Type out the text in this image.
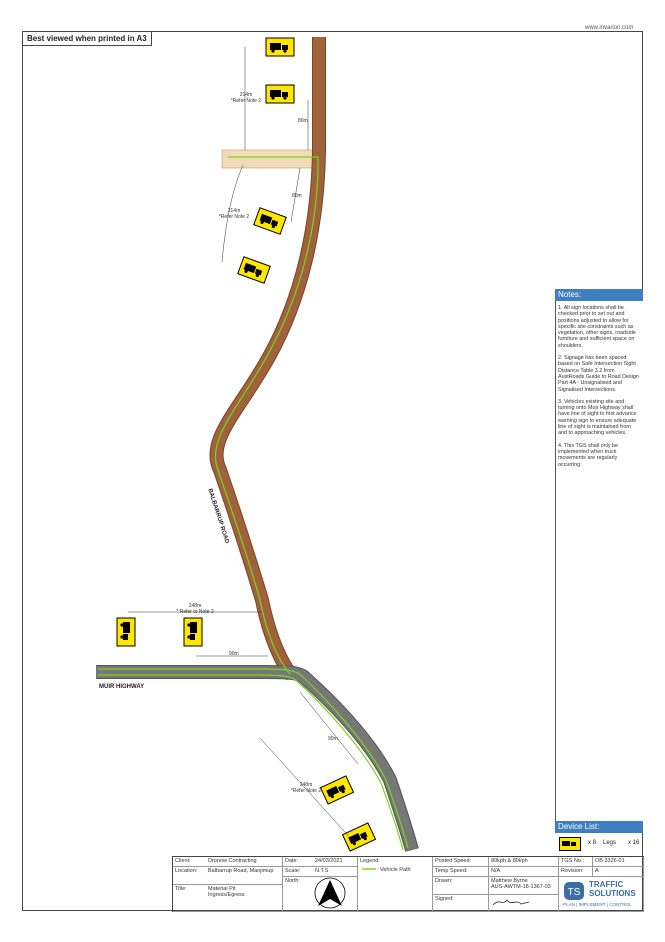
www.invarion.com
Best viewed when printed in A3
214m
*Refer Note 2
80m
80m
214m
*Refer Note 2
248m
* Refer to Note 2
90m
90m
248m
*Refer Note 2
BALBARRUP ROAD
MUIR HIGHWAY
Notes:

1. All sign locations shall be checked prior to set out and positions adjusted to allow for specific site constraints such as vegetation, other signs, roadside furniture and sufficient space on shoulders.

2. Signage has been spaced based on Safe Intersection Sight Distance Table 3.2 from AustRoads Guide to Road Design Part 4A - Unsignalised and Signalised Intersections.

3. Vehicles existing site and turning onto Muir Highway shall have line of sight to first advance warning sign to ensure adequate line of sight is maintained from and to approaching vehicles.

4. This TGS shall only be implemented when truck movements are regularly occurring.

Device List:
x 8 Legs x 16
Client:	Dronow Contracting
Location: Balbarrup Road, Manjimup
Title:	Material Pit Ingress/Egress
Date:	24/03/2021
Scale:	N.T.S
North:
Legend:
Vehicle Path
Posted Speed:	80kph & 80kph
Temp Speed:	N/A
Drawn:	Matthew Byrne
AUS-AWTM-18-1367-03
Signed:
TGS No.:	OB 3326-01
Revision:	A
TS
TRAFFIC
SOLUTIONS
PLAN | IMPLEMENT | CONTROL
